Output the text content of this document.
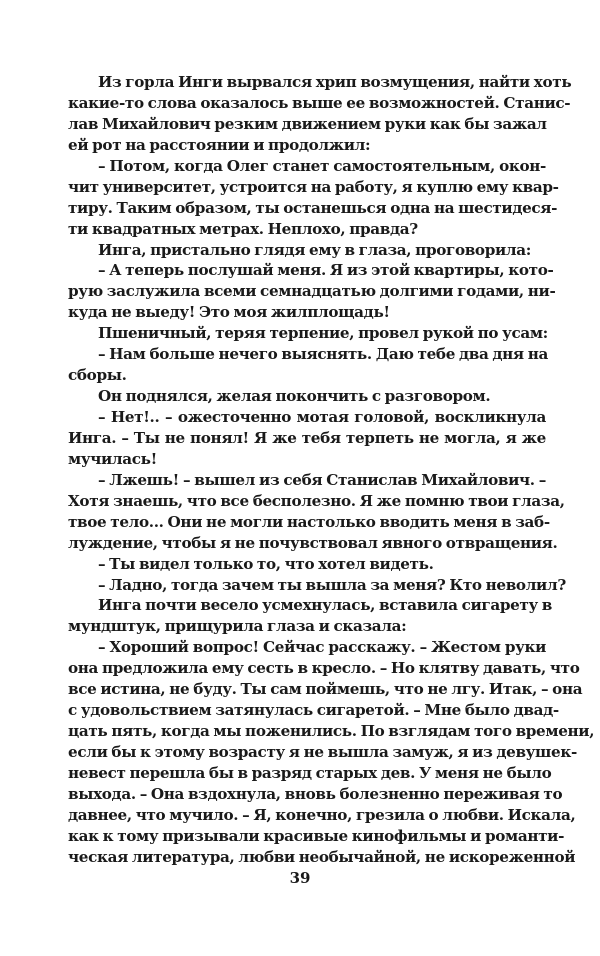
Из горла Инги вырвался хрип возмущения, найти хоть
какие-то слова оказалось выше ее возможностей. Станис-
лав Михайлович резким движением руки как бы зажал
ей рот на расстоянии и продолжил:
– Потом, когда Олег станет самостоятельным, окон-
чит университет, устроится на работу, я куплю ему квар-
тиру. Таким образом, ты останешься одна на шестидеся-
ти квадратных метрах. Неплохо, правда?
Инга, пристально глядя ему в глаза, проговорила:
– А теперь послушай меня. Я из этой квартиры, кото-
рую заслужила всеми семнадцатью долгими годами, ни-
куда не выеду! Это моя жилплощадь!
Пшеничный, теряя терпение, провел рукой по усам:
– Нам больше нечего выяснять. Даю тебе два дня на
сборы.
Он поднялся, желая покончить с разговором.
– Нет!.. – ожесточенно мотая головой, воскликнула
Инга. – Ты не понял! Я же тебя терпеть не могла, я же
мучилась!
– Лжешь! – вышел из себя Станислав Михайлович. –
Хотя знаешь, что все бесполезно. Я же помню твои глаза,
твое тело... Они не могли настолько вводить меня в заб-
луждение, чтобы я не почувствовал явного отвращения.
– Ты видел только то, что хотел видеть.
– Ладно, тогда зачем ты вышла за меня? Кто неволил?
Инга почти весело усмехнулась, вставила сигарету в
мундштук, прищурила глаза и сказала:
– Хороший вопрос! Сейчас расскажу. – Жестом руки
она предложила ему сесть в кресло. – Но клятву давать, что
все истина, не буду. Ты сам поймешь, что не лгу. Итак, – она
с удовольствием затянулась сигаретой. – Мне было двад-
цать пять, когда мы поженились. По взглядам того времени,
если бы к этому возрасту я не вышла замуж, я из девушек-
невест перешла бы в разряд старых дев. У меня не было
выхода. – Она вздохнула, вновь болезненно переживая то
давнее, что мучило. – Я, конечно, грезила о любви. Искала,
как к тому призывали красивые кинофильмы и романти-
ческая литература, любви необычайной, не искореженной
39
